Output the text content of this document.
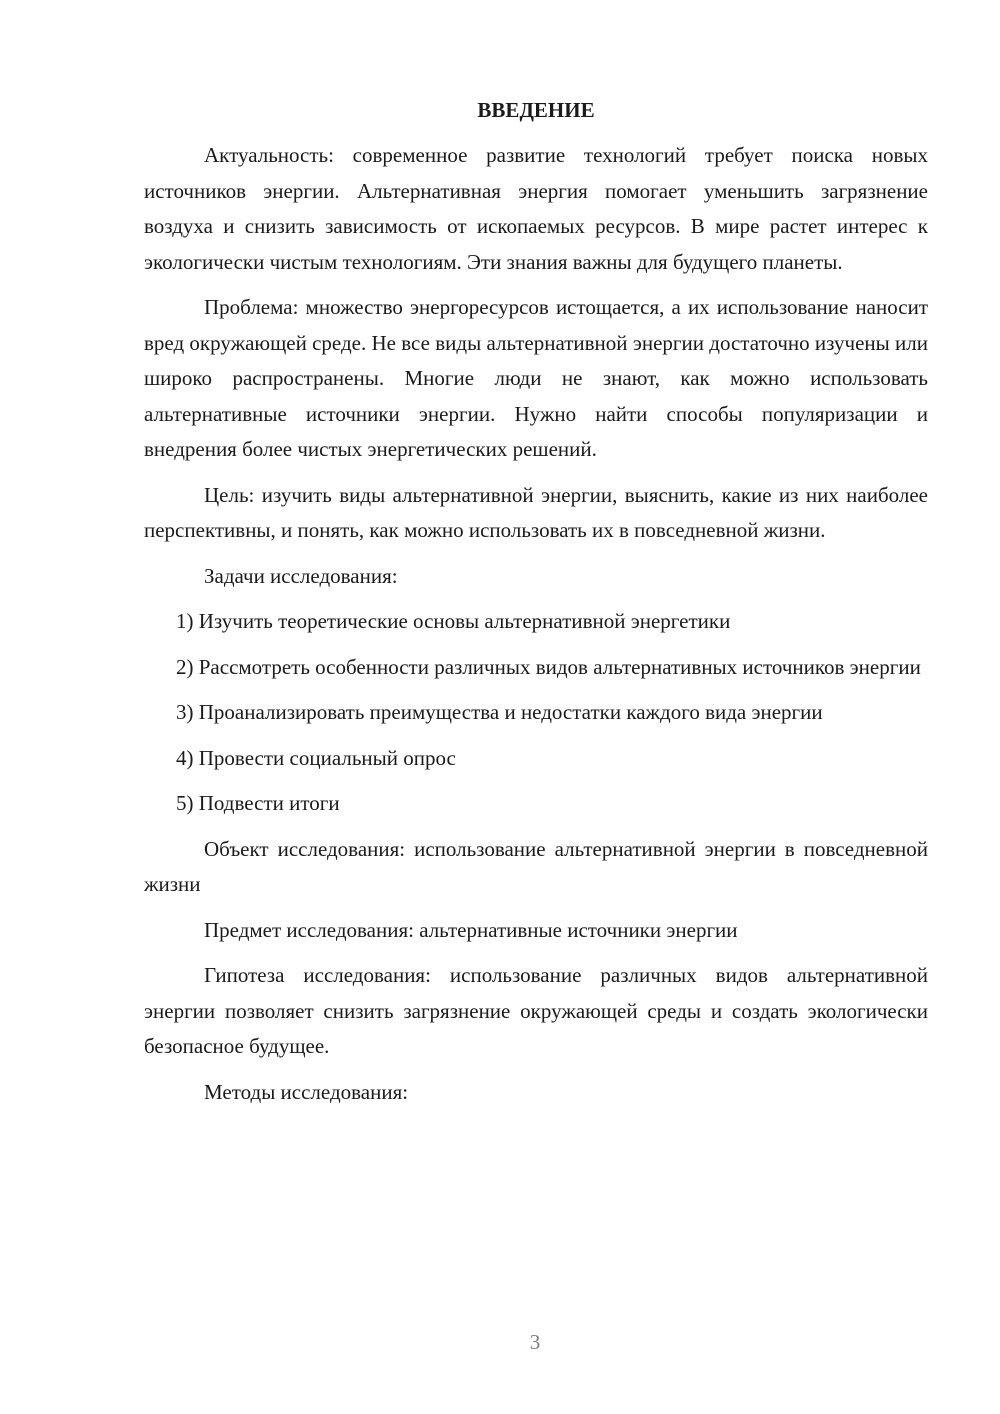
ВВЕДЕНИЕ

Актуальность: современное развитие технологий требует поиска новых источников энергии. Альтернативная энергия помогает уменьшить загрязнение воздуха и снизить зависимость от ископаемых ресурсов. В мире растет интерес к экологически чистым технологиям. Эти знания важны для будущего планеты.

Проблема: множество энергоресурсов истощается, а их использование наносит вред окружающей среде. Не все виды альтернативной энергии достаточно изучены или широко распространены. Многие люди не знают, как можно использовать альтернативные источники энергии. Нужно найти способы популяризации и внедрения более чистых энергетических решений.

Цель: изучить виды альтернативной энергии, выяснить, какие из них наиболее перспективны, и понять, как можно использовать их в повседневной жизни.

Задачи исследования:

1) Изучить теоретические основы альтернативной энергетики

2) Рассмотреть особенности различных видов альтернативных источников энергии

3) Проанализировать преимущества и недостатки каждого вида энергии

4) Провести социальный опрос

5) Подвести итоги

Объект исследования: использование альтернативной энергии в повседневной жизни

Предмет исследования: альтернативные источники энергии

Гипотеза исследования: использование различных видов альтернативной энергии позволяет снизить загрязнение окружающей среды и создать экологически безопасное будущее.

Методы исследования:

3
